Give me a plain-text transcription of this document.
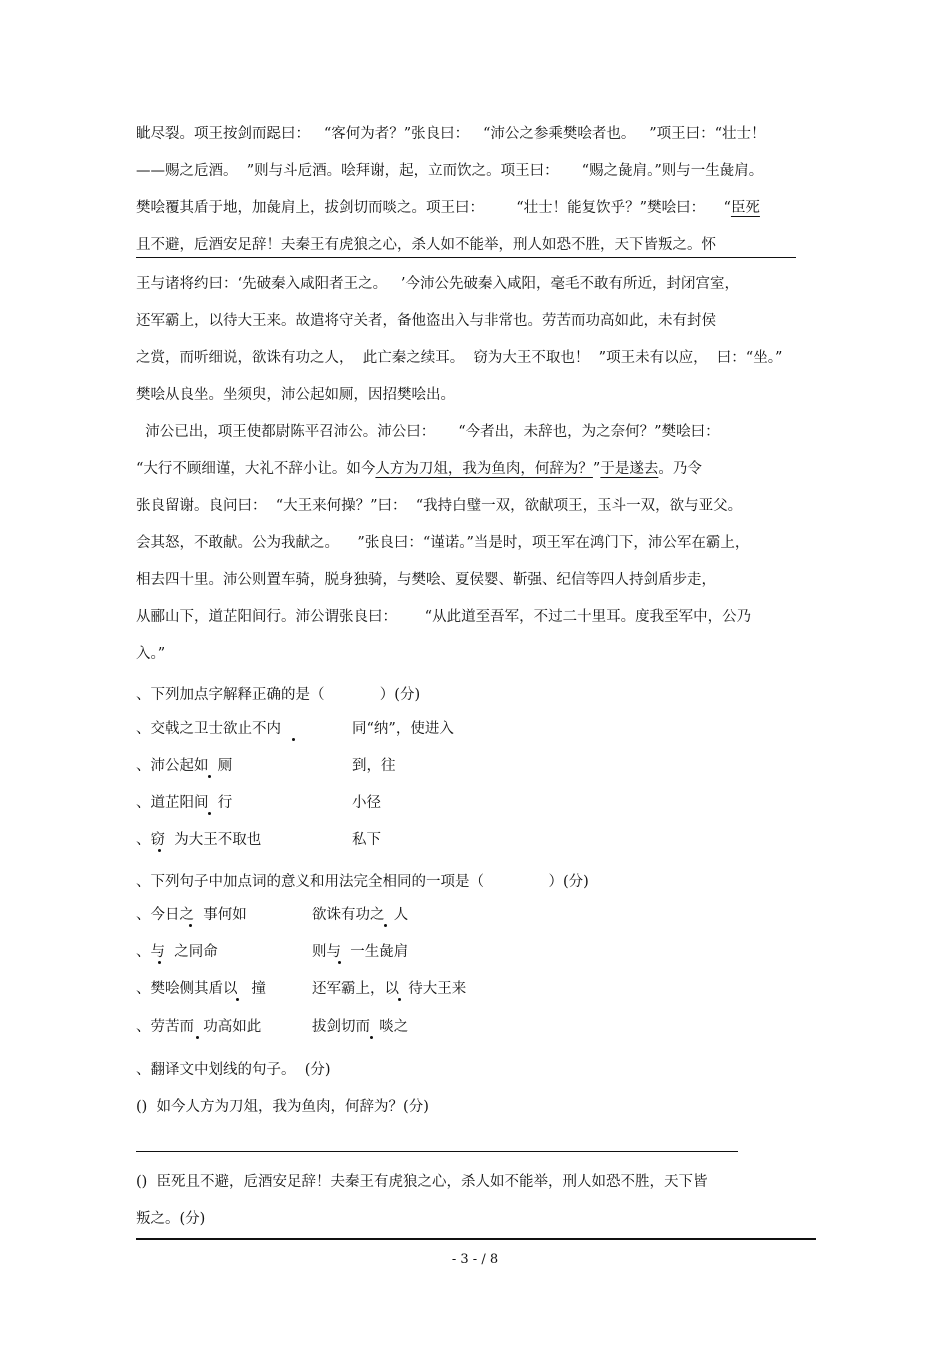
眦尽裂。项王按剑而跽曰：   “客何为者？”张良曰：   “沛公之参乘樊哙者也。   ”项王曰：“壮士！
——赐之卮酒。  ”则与斗卮酒。哙拜谢，起，立而饮之。项王曰：     “赐之彘肩。”则与一生彘肩。
樊哙覆其盾于地，加彘肩上，拔剑切而啖之。项王曰：       “壮士！能复饮乎？”樊哙曰：    “臣死
且不避，卮酒安足辞！夫秦王有虎狼之心，杀人如不能举，刑人如恐不胜，天下皆叛之。怀
王与诸将约曰：‘先破秦入咸阳者王之。   ’今沛公先破秦入咸阳，毫毛不敢有所近，封闭宫室，
还军霸上，以待大王来。故遣将守关者，备他盗出入与非常也。劳苦而功高如此，未有封侯
之赏，而听细说，欲诛有功之人，  此亡秦之续耳。  窃为大王不取也！  ”项王未有以应，  曰：“坐。”
樊哙从良坐。坐须臾，沛公起如厕，因招樊哙出。
沛公已出，项王使都尉陈平召沛公。沛公曰：     “今者出，未辞也，为之奈何？”樊哙曰：
“大行不顾细谨，大礼不辞小让。如今人方为刀俎，我为鱼肉，何辞为？”于是遂去。乃令
张良留谢。良问曰：  “大王来何操？”曰：  “我持白璧一双，欲献项王，玉斗一双，欲与亚父。
会其怒，不敢献。公为我献之。    ”张良曰：“谨诺。”当是时，项王军在鸿门下，沛公军在霸上，
相去四十里。沛公则置车骑，脱身独骑，与樊哙、夏侯婴、靳强、纪信等四人持剑盾步走，
从郦山下，道芷阳间行。沛公谓张良曰：      “从此道至吾军，不过二十里耳。度我至军中，公乃
入。”
、下列加点字解释正确的是（            ）(分)
、交戟之卫士欲止不内	同“纳”，使进入
、沛公起如  厕	到，往
、道芷阳间  行	小径
、窃  为大王不取也	私下
、下列句子中加点词的意义和用法完全相同的一项是（              ）(分)
、今日之  事何如	欲诛有功之  人
、与  之同命	则与  一生彘肩
、樊哙侧其盾以   撞	还军霸上，以  待大王来
、劳苦而  功高如此	拔剑切而  啖之
、翻译文中划线的句子。  (分)
()  如今人方为刀俎，我为鱼肉，何辞为？(分)
()  臣死且不避，卮酒安足辞！夫秦王有虎狼之心，杀人如不能举，刑人如恐不胜，天下皆
叛之。(分)
- 3 - / 8
